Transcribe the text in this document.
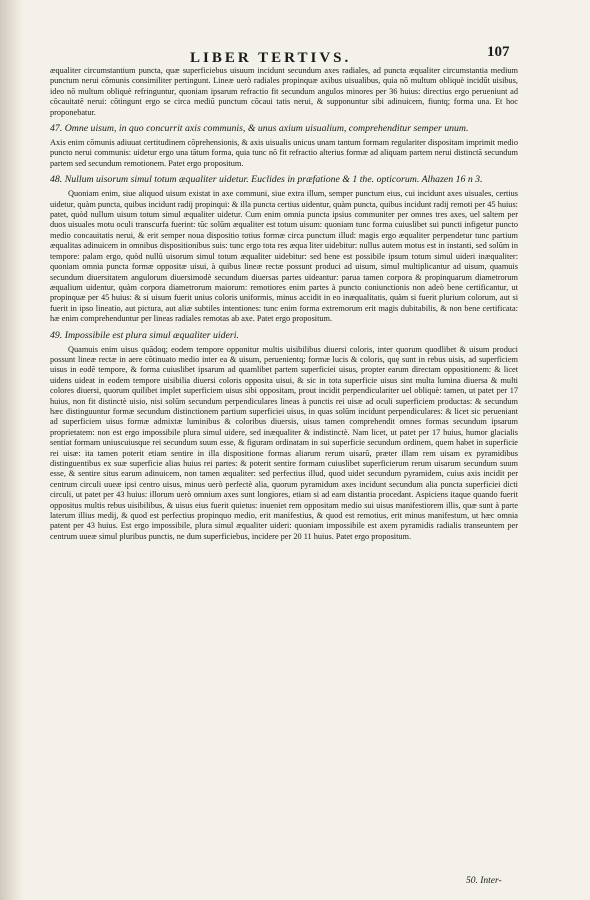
LIBER TERTIVS.	107

æqualiter circumstantium puncta, quæ superficiebus uisuum incidunt secundum axes radiales, ad puncta æqualiter circumstantia medium punctum nerui cōmunis consimiliter pertingunt. Lineæ uerò radiales propinquæ axibus uisualibus, quia nō multum obliquè incidūt uisibus, ideo nō multum obliquè refringuntur, quoniam ipsarum refractio fit secundum angulos minores per 36 huius: directius ergo perueniunt ad cōcauitatē nerui: cōtingunt ergo se circa mediū punctum cōcaui tatis nerui, & supponuntur sibi adinuicem, fiuntq; forma una. Et hoc proponebatur.

47. Omne uisum, in quo concurrit axis communis, & unus axium uisualium, comprehenditur semper unum.

Axis enim cōmunis adiuuat certitudinem cōprehensionis, & axis uisualis unicus unam tantum formam regulariter dispositam imprimit medio puncto nerui communis: uidetur ergo una tātum forma, quia tunc nō fit refractio alterius formæ ad aliquam partem nerui distinctā secundum partem sed secundum remotionem. Patet ergo propositum.

48. Nullum uisorum simul totum æqualiter uidetur. Euclides in præfatione & 1 the. opticorum. Alhazen 16 n 3.

Quoniam enim, siue aliquod uisum existat in axe communi, siue extra illum, semper punctum eius, cui incidunt axes uisuales, certius uidetur, quàm puncta, quibus incidunt radij propinqui: & illa puncta certius uidentur, quàm puncta, quibus incidunt radij remoti per 45 huius: patet, quòd nullum uisum totum simul æqualiter uidetur. Cum enim omnia puncta ipsius communiter per omnes tres axes, uel saltem per duos uisuales motu oculi transcurfa fuerint: tūc solūm æqualiter est totum uisum: quoniam tunc forma cuiuslibet sui puncti infigetur puncto medio concauitatis nerui, & erit semper noua dispositio totius formæ circa punctum illud: magis ergo æqualiter perpendetur tunc partium æqualitas adinuicem in omnibus dispositionibus suis: tunc ergo tota res æqua liter uidebitur: nullus autem motus est in instanti, sed solūm in tempore: palam ergo, quòd nullū uisorum simul totum æqualiter uidebitur: sed bene est possibile ipsum totum simul uideri inæqualiter: quoniam omnia puncta formæ oppositæ uisui, à quibus lineæ rectæ possunt produci ad uisum, simul multiplicantur ad uisum, quamuis secundum diuersitatem angulorum diuersimodè secundum diuersas partes uideantur: parua tamen corpora & propinquarum diametrorum æqualium uidentur, quàm corpora diametrorum maiorum: remotiores enim partes à puncto coniunctionis non adeò bene certificantur, ut propinquæ per 45 huius: & si uisum fuerit unius coloris uniformis, minus accidit in eo inæqualitatis, quàm si fuerit plurium colorum, aut si fuerit in ipso lineatio, aut pictura, aut aliæ subtiles intentiones: tunc enim forma extremorum erit magis dubitabilis, & non bene certificata: hæ enim comprehenduntur per lineas radiales remotas ab axe. Patet ergo propositum.

49. Impossibile est plura simul æqualiter uideri.

Quamuis enim uisus quādoq; eodem tempore opponitur multis uisibilibus diuersi coloris, inter quorum quodlibet & uisum produci possunt lineæ rectæ in aere cōtinuato medio inter ea & uisum, peruenientq; formæ lucis & coloris, quę sunt in rebus uisis, ad superficiem uisus in eodē tempore, & forma cuiuslibet ipsarum ad quamlibet partem superficiei uisus, propter earum directam oppositionem: & licet uidens uideat in eodem tempore uisibilia diuersi coloris opposita uisui, & sic in tota superficie uisus sint multa lumina diuersa & multi colores diuersi, quorum quilibet implet superficiem uisus sibi oppositam, prout incidit perpendiculariter uel obliquè: tamen, ut patet per 17 huius, non fit distinctè uisio, nisi solūm secundum perpendiculares lineas à punctis rei uisæ ad oculi superficiem productas: & secundum hæc distinguuntur formæ secundum distinctionem partium superficiei uisus, in quas solūm incidunt perpendiculares: & licet sic perueniant ad superficiem uisus formæ admixtæ luminibus & coloribus diuersis, uisus tamen comprehendit omnes formas secundum ipsarum proprietatem: non est ergo impossibile plura simul uidere, sed inæqualiter & indistinctè. Nam licet, ut patet per 17 huius, humor glacialis sentiat formam uniuscuiusque rei secundum suum esse, & figuram ordinatam in sui superficie secundum ordinem, quem habet in superficie rei uisæ: ita tamen poterit etiam sentire in illa dispositione formas aliarum rerum uisarū, præter illam rem uisam ex pyramidibus distinguentibus ex suæ superficie alias huius rei partes: & poterit sentire formam cuiuslibet superficierum rerum uisarum secundum suum esse, & sentire situs earum adinuicem, non tamen æqualiter: sed perfectius illud, quod uidet secundum pyramidem, cuius axis incidit per centrum circuli uueæ ipsi centro uisus, minus uerò perfectè alia, quorum pyramidum axes incidunt secundum alia puncta superficiei dicti circuli, ut patet per 43 huius: illorum uerò omnium axes sunt longiores, etiam si ad eam distantia procedant. Aspiciens itaque quando fuerit oppositus multis rebus uisibilibus, & uisus eius fuerit quietus: inueniet rem oppositam medio sui uisus manifestiorem illis, quæ sunt à parte laterum illius medij, & quod est perfectius propinquo medio, erit manifestius, & quod est remotius, erit minus manifestum, ut hæc omnia patent per 43 huius. Est ergo impossibile, plura simul æqualiter uideri: quoniam impossibile est axem pyramidis radialis transeuntem per centrum uueæ simul pluribus punctis, ne dum superficiebus, incidere per 20 11 huius. Patet ergo propositum.

50. Inter-
